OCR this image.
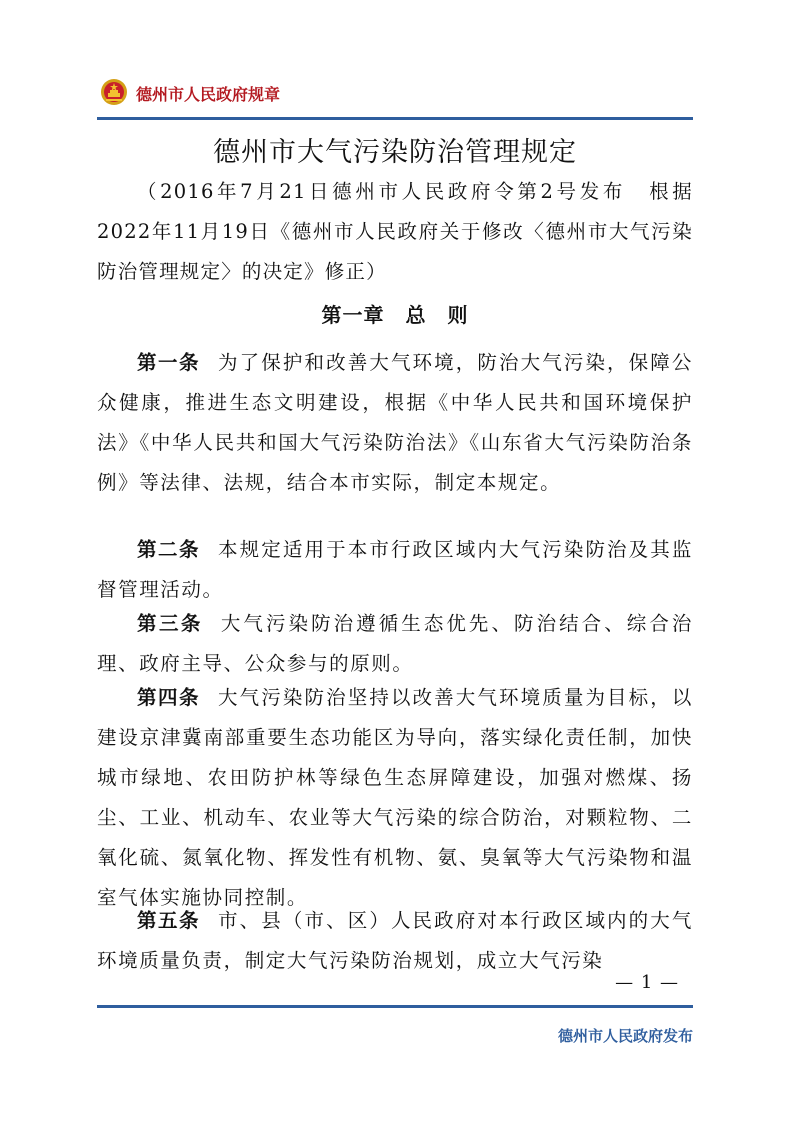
德州市人民政府规章
德州市大气污染防治管理规定
（2016年7月21日德州市人民政府令第2号发布　根据2022年11月19日《德州市人民政府关于修改〈德州市大气污染防治管理规定〉的决定》修正）
第一章　总　则
第一条 为了保护和改善大气环境，防治大气污染，保障公众健康，推进生态文明建设，根据《中华人民共和国环境保护法》《中华人民共和国大气污染防治法》《山东省大气污染防治条例》等法律、法规，结合本市实际，制定本规定。
第二条 本规定适用于本市行政区域内大气污染防治及其监督管理活动。
第三条 大气污染防治遵循生态优先、防治结合、综合治理、政府主导、公众参与的原则。
第四条 大气污染防治坚持以改善大气环境质量为目标，以建设京津冀南部重要生态功能区为导向，落实绿化责任制，加快城市绿地、农田防护林等绿色生态屏障建设，加强对燃煤、扬尘、工业、机动车、农业等大气污染的综合防治，对颗粒物、二氧化硫、氮氧化物、挥发性有机物、氨、臭氧等大气污染物和温室气体实施协同控制。
第五条 市、县（市、区）人民政府对本行政区域内的大气环境质量负责，制定大气污染防治规划，成立大气污染
— 1 —
德州市人民政府发布
